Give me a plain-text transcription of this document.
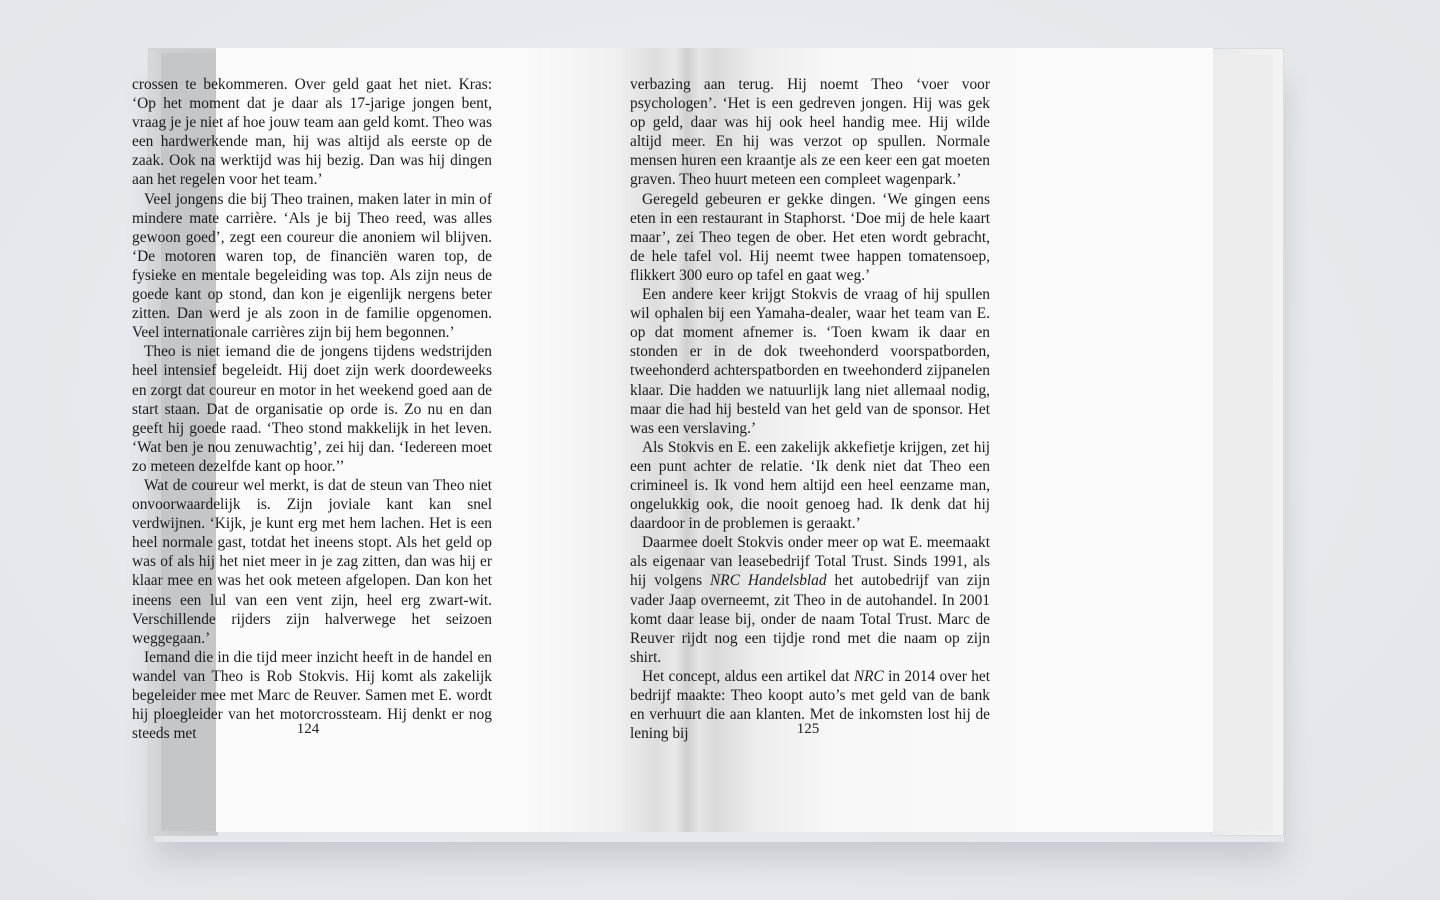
crossen te bekommeren. Over geld gaat het niet. Kras: ‘Op het moment dat je daar als 17-jarige jongen bent, vraag je je niet af hoe jouw team aan geld komt. Theo was een hardwerkende man, hij was altijd als eerste op de zaak. Ook na werktijd was hij bezig. Dan was hij dingen aan het regelen voor het team.’

Veel jongens die bij Theo trainen, maken later in min of mindere mate carrière. ‘Als je bij Theo reed, was alles gewoon goed’, zegt een coureur die anoniem wil blijven. ‘De motoren waren top, de financiën waren top, de fysieke en mentale begeleiding was top. Als zijn neus de goede kant op stond, dan kon je eigenlijk nergens beter zitten. Dan werd je als zoon in de familie opgenomen. Veel internationale carrières zijn bij hem begonnen.’

Theo is niet iemand die de jongens tijdens wedstrijden heel intensief begeleidt. Hij doet zijn werk doordeweeks en zorgt dat coureur en motor in het weekend goed aan de start staan. Dat de organisatie op orde is. Zo nu en dan geeft hij goede raad. ‘Theo stond makkelijk in het leven. ‘Wat ben je nou zenuwachtig’, zei hij dan. ‘Iedereen moet zo meteen dezelfde kant op hoor.’’

Wat de coureur wel merkt, is dat de steun van Theo niet onvoorwaardelijk is. Zijn joviale kant kan snel verdwijnen. ‘Kijk, je kunt erg met hem lachen. Het is een heel normale gast, totdat het ineens stopt. Als het geld op was of als hij het niet meer in je zag zitten, dan was hij er klaar mee en was het ook meteen afgelopen. Dan kon het ineens een lul van een vent zijn, heel erg zwart-wit. Verschillende rijders zijn halverwege het seizoen weggegaan.’

Iemand die in die tijd meer inzicht heeft in de handel en wandel van Theo is Rob Stokvis. Hij komt als zakelijk begeleider mee met Marc de Reuver. Samen met E. wordt hij ploegleider van het motorcrossteam. Hij denkt er nog steeds met	124

verbazing aan terug. Hij noemt Theo ‘voer voor psychologen’. ‘Het is een gedreven jongen. Hij was gek op geld, daar was hij ook heel handig mee. Hij wilde altijd meer. En hij was verzot op spullen. Normale mensen huren een kraantje als ze een keer een gat moeten graven. Theo huurt meteen een compleet wagenpark.’

Geregeld gebeuren er gekke dingen. ‘We gingen eens eten in een restaurant in Staphorst. ‘Doe mij de hele kaart maar’, zei Theo tegen de ober. Het eten wordt gebracht, de hele tafel vol. Hij neemt twee happen tomatensoep, flikkert 300 euro op tafel en gaat weg.’

Een andere keer krijgt Stokvis de vraag of hij spullen wil ophalen bij een Yamaha-dealer, waar het team van E. op dat moment afnemer is. ‘Toen kwam ik daar en stonden er in de dok tweehonderd voorspatborden, tweehonderd achterspatborden en tweehonderd zijpanelen klaar. Die hadden we natuurlijk lang niet allemaal nodig, maar die had hij besteld van het geld van de sponsor. Het was een verslaving.’

Als Stokvis en E. een zakelijk akkefietje krijgen, zet hij een punt achter de relatie. ‘Ik denk niet dat Theo een crimineel is. Ik vond hem altijd een heel eenzame man, ongelukkig ook, die nooit genoeg had. Ik denk dat hij daardoor in de problemen is geraakt.’

Daarmee doelt Stokvis onder meer op wat E. meemaakt als eigenaar van leasebedrijf Total Trust. Sinds 1991, als hij volgens NRC Handelsblad het autobedrijf van zijn vader Jaap overneemt, zit Theo in de autohandel. In 2001 komt daar lease bij, onder de naam Total Trust. Marc de Reuver rijdt nog een tijdje rond met die naam op zijn shirt.

Het concept, aldus een artikel dat NRC in 2014 over het bedrijf maakte: Theo koopt auto’s met geld van de bank en verhuurt die aan klanten. Met de inkomsten lost hij de lening bij	125
